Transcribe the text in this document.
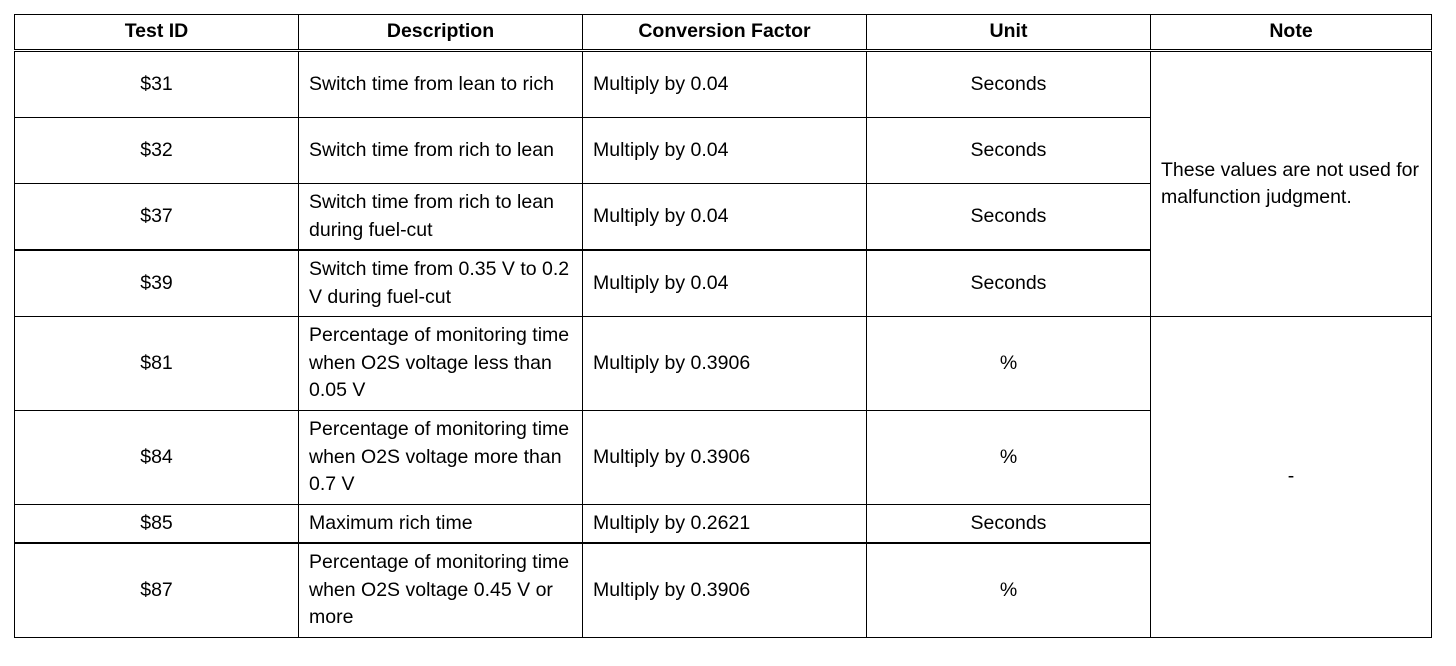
Test ID	Description	Conversion Factor	Unit	Note
$31	Switch time from lean to rich	Multiply by 0.04	Seconds	These values are not used for malfunction judgment.
$32	Switch time from rich to lean	Multiply by 0.04	Seconds	
$37	Switch time from rich to lean during fuel-cut	Multiply by 0.04	Seconds	
$39	Switch time from 0.35 V to 0.2 V during fuel-cut	Multiply by 0.04	Seconds	
$81	Percentage of monitoring time when O2S voltage less than 0.05 V	Multiply by 0.3906	%	-
$84	Percentage of monitoring time when O2S voltage more than 0.7 V	Multiply by 0.3906	%	
$85	Maximum rich time	Multiply by 0.2621	Seconds	
$87	Percentage of monitoring time when O2S voltage 0.45 V or more	Multiply by 0.3906	%	
